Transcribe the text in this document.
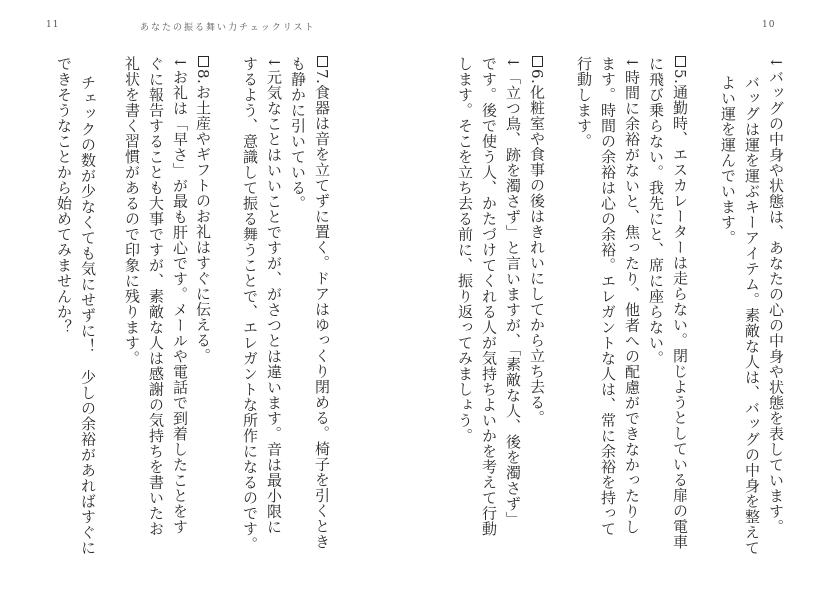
11	あなたの振る舞い力チェックリスト	10
↓バッグの中身や状態は、あなたの心の中身や状態を表しています。
バッグは運を運ぶキーアイテム。素敵な人は、バッグの中身を整えて
よい運を運んでいます。
5.通勤時、エスカレーターは走らない。閉じようとしている扉の電車
に飛び乗らない。我先にと、席に座らない。
↓時間に余裕がないと、焦ったり、他者への配慮ができなかったりし
ます。時間の余裕は心の余裕。エレガントな人は、常に余裕を持って
行動します。
6.化粧室や食事の後はきれいにしてから立ち去る。
↓「立つ鳥、跡を濁さず」と言いますが、「素敵な人、後を濁さず」
です。後で使う人、かたづけてくれる人が気持ちよいかを考えて行動
します。そこを立ち去る前に、振り返ってみましょう。
7.食器は音を立てずに置く。ドアはゆっくり閉める。椅子を引くとき
も静かに引いている。
↓元気なことはいいことですが、がさつとは違います。音は最小限に
するよう、意識して振る舞うことで、エレガントな所作になるのです。
8.お土産やギフトのお礼はすぐに伝える。
↓お礼は「早さ」が最も肝心です。メールや電話で到着したことをす
ぐに報告することも大事ですが、素敵な人は感謝の気持ちを書いたお
礼状を書く習慣があるので印象に残ります。
チェックの数が少なくても気にせずに！　少しの余裕があればすぐに
できそうなことから始めてみませんか？
